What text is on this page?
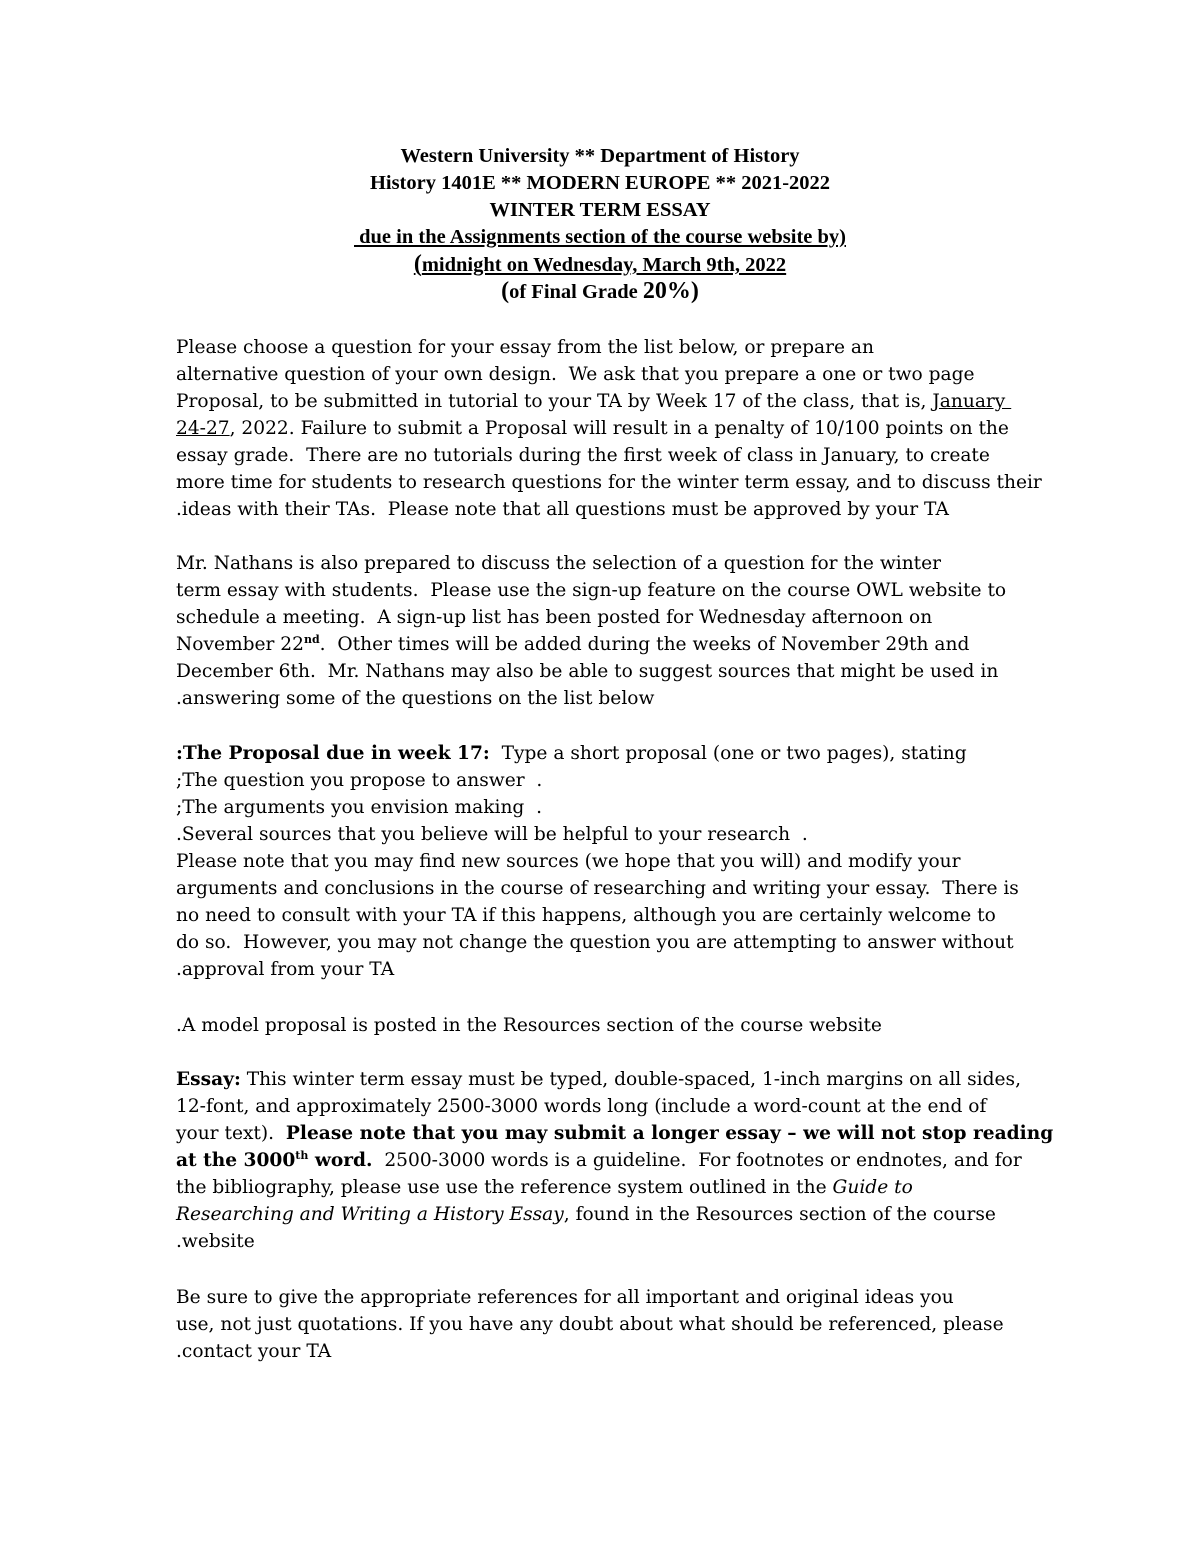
Western University ** Department of History
History 1401E ** MODERN EUROPE ** 2021-2022
WINTER TERM ESSAY
due in the Assignments section of the course website by)
(midnight on Wednesday, March 9th, 2022
(of Final Grade 20%)
Please choose a question for your essay from the list below, or prepare an
alternative question of your own design.  We ask that you prepare a one or two page
Proposal, to be submitted in tutorial to your TA by Week 17 of the class, that is, January
24-27, 2022. Failure to submit a Proposal will result in a penalty of 10/100 points on the
essay grade.  There are no tutorials during the first week of class in January, to create
more time for students to research questions for the winter term essay, and to discuss their
.ideas with their TAs.  Please note that all questions must be approved by your TA
Mr. Nathans is also prepared to discuss the selection of a question for the winter
term essay with students.  Please use the sign-up feature on the course OWL website to
schedule a meeting.  A sign-up list has been posted for Wednesday afternoon on
November 22nd.  Other times will be added during the weeks of November 29th and
December 6th.  Mr. Nathans may also be able to suggest sources that might be used in
.answering some of the questions on the list below
:The Proposal due in week 17:  Type a short proposal (one or two pages), stating
;The question you propose to answer  .
;The arguments you envision making  .
.Several sources that you believe will be helpful to your research  .
Please note that you may find new sources (we hope that you will) and modify your
arguments and conclusions in the course of researching and writing your essay.  There is
no need to consult with your TA if this happens, although you are certainly welcome to
do so.  However, you may not change the question you are attempting to answer without
.approval from your TA
.A model proposal is posted in the Resources section of the course website
Essay: This winter term essay must be typed, double-spaced, 1-inch margins on all sides,
12-font, and approximately 2500-3000 words long (include a word-count at the end of
your text).  Please note that you may submit a longer essay – we will not stop reading
at the 3000th word.  2500-3000 words is a guideline.  For footnotes or endnotes, and for
the bibliography, please use use the reference system outlined in the Guide to
Researching and Writing a History Essay, found in the Resources section of the course
.website
Be sure to give the appropriate references for all important and original ideas you
use, not just quotations. If you have any doubt about what should be referenced, please
.contact your TA
